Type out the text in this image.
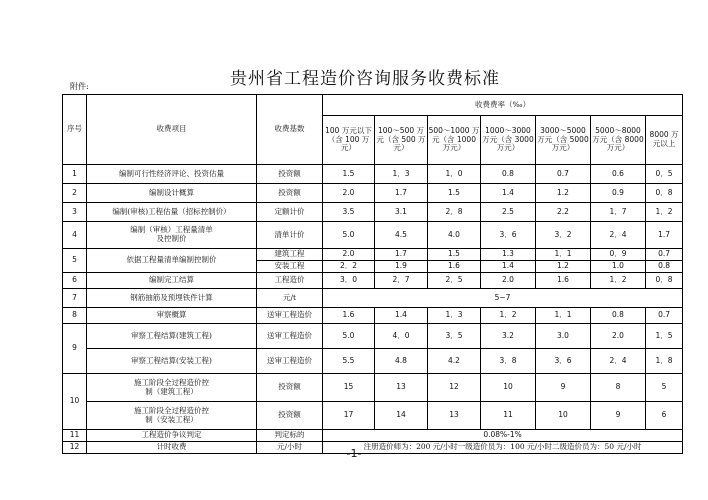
附件:	贵州省工程造价咨询服务收费标准
序号	收费项目	收费基数	收费费率（‰）						
			100 万元以下（含 100 万元）	100～500 万元（含 500 万元）	500～1000 万元（含 1000 万元）	1000～3000 万元（含 3000 万元）	3000～5000 万元（含 5000 万元）	5000～8000 万元（含 8000 万元）	8000 万元以上
1	编制可行性经济评论、投资估量	投资额	1.5	1．3	1．0	0.8	0.7	0.6	0．5
2	编制设计概算	投资额	2.0	1.7	1.5	1.4	1.2	0.9	0．8
3	编制(审核)工程估量（招标控制价）	定额计价	3.5	3.1	2．8	2.5	2.2	1．7	1．2
4	编制（审核）工程量清单及控制价	清单计价	5.0	4.5	4.0	3．6	3．2	2．4	1.7
5	依据工程量清单编制控制价	建筑工程	2.0	1.7	1.5	1.3	1．1	0．9	0.7
		安装工程	2．2	1.9	1.6	1.4	1.2	1.0	0.8
6	编制完工结算	工程造价	3．0	2．7	2．5	2.0	1.6	1．2	0．8
7	钢筋抽筋及预埋铁件计算	元/t	5~7						
8	审察概算	送审工程造价	1.6	1.4	1．3	1．2	1．1	0.8	0.7
9	审察工程结算(建筑工程)	送审工程造价	5.0	4．0	3．5	3.2	3.0	2.0	1．5
	审察工程结算(安装工程)	送审工程造价	5.5	4.8	4.2	3．8	3．6	2．4	1．8
10	施工阶段全过程造价控制（建筑工程）	投资额	15	13	12	10	9	8	5
	施工阶段全过程造价控制（安装工程）	投资额	17	14	13	11	10	9	6
11	工程造价争议判定	判定标的	0.08%-1%						
12	计时收费	元/小时	注册造价师为：200 元/小时一级造价员为：100 元/小时二级造价员为：50 元/小时						
-1-
